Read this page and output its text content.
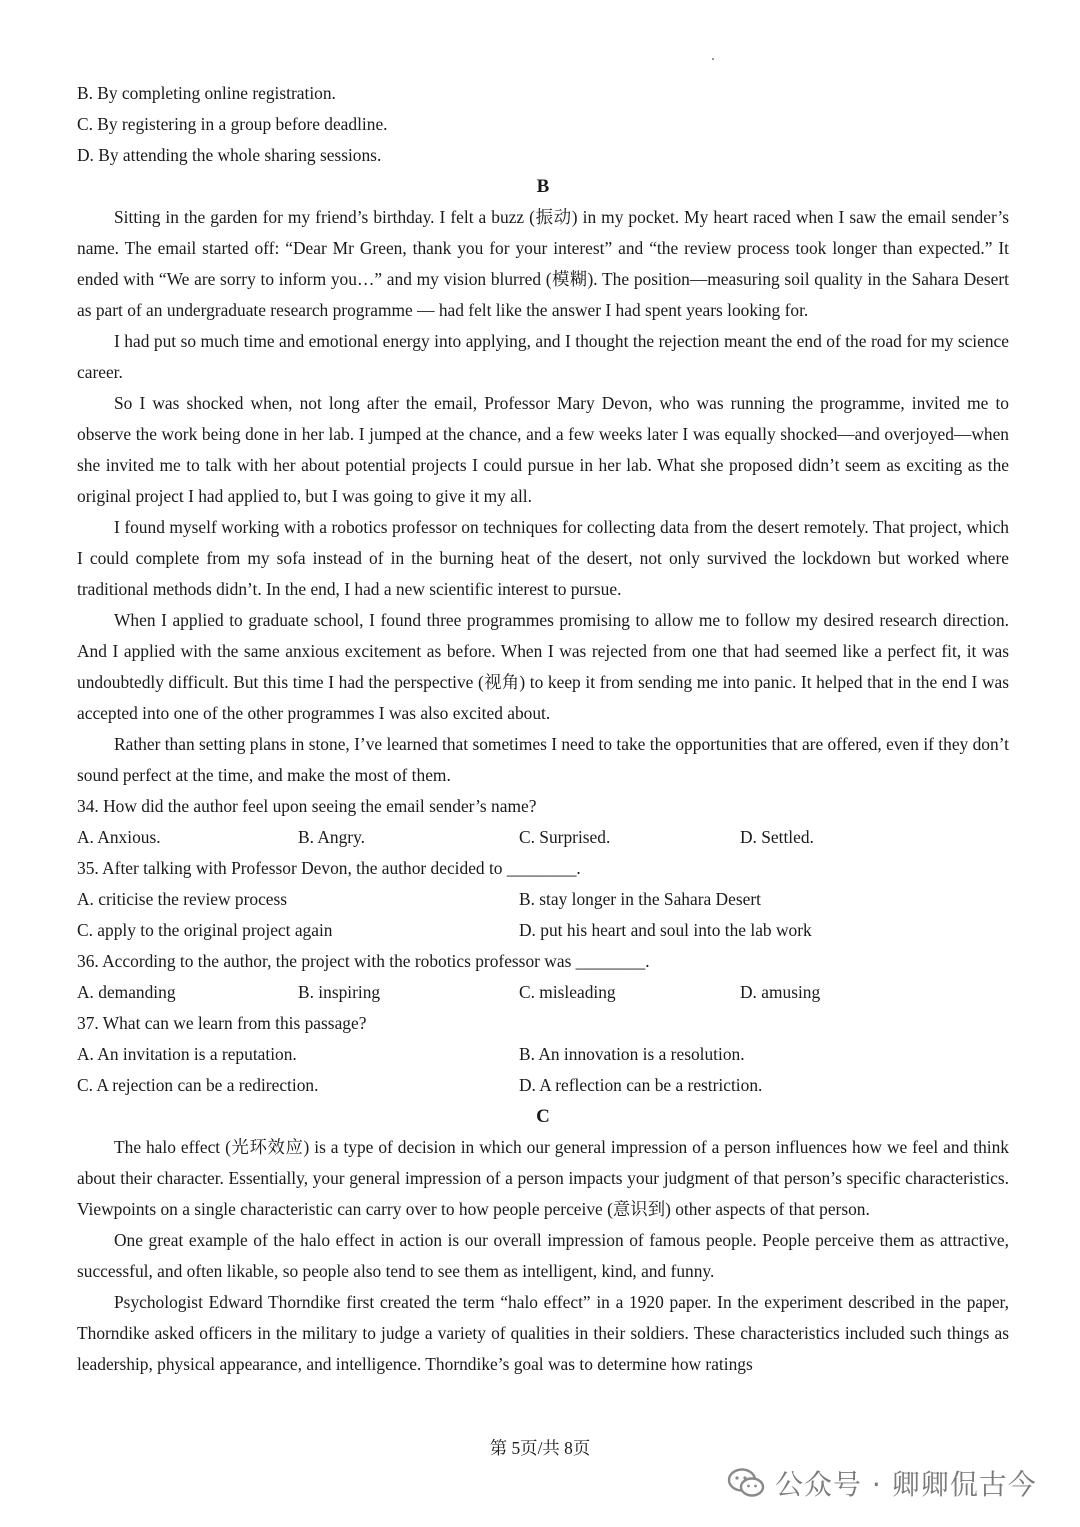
B. By completing online registration.
C. By registering in a group before deadline.
D. By attending the whole sharing sessions.
B

Sitting in the garden for my friend’s birthday. I felt a buzz (振动) in my pocket. My heart raced when I saw the email sender’s name. The email started off: “Dear Mr Green, thank you for your interest” and “the review process took longer than expected.” It ended with “We are sorry to inform you…” and my vision blurred (模糊). The position—measuring soil quality in the Sahara Desert as part of an undergraduate research programme — had felt like the answer I had spent years looking for.

I had put so much time and emotional energy into applying, and I thought the rejection meant the end of the road for my science career.

So I was shocked when, not long after the email, Professor Mary Devon, who was running the programme, invited me to observe the work being done in her lab. I jumped at the chance, and a few weeks later I was equally shocked—and overjoyed—when she invited me to talk with her about potential projects I could pursue in her lab. What she proposed didn’t seem as exciting as the original project I had applied to, but I was going to give it my all.

I found myself working with a robotics professor on techniques for collecting data from the desert remotely. That project, which I could complete from my sofa instead of in the burning heat of the desert, not only survived the lockdown but worked where traditional methods didn’t. In the end, I had a new scientific interest to pursue.

When I applied to graduate school, I found three programmes promising to allow me to follow my desired research direction. And I applied with the same anxious excitement as before. When I was rejected from one that had seemed like a perfect fit, it was undoubtedly difficult. But this time I had the perspective (视角) to keep it from sending me into panic. It helped that in the end I was accepted into one of the other programmes I was also excited about.

Rather than setting plans in stone, I’ve learned that sometimes I need to take the opportunities that are offered, even if they don’t sound perfect at the time, and make the most of them.

34. How did the author feel upon seeing the email sender’s name?
A. Anxious.	B. Angry.	C. Surprised.	D. Settled.
35. After talking with Professor Devon, the author decided to ________.
A. criticise the review process	B. stay longer in the Sahara Desert
C. apply to the original project again	D. put his heart and soul into the lab work
36. According to the author, the project with the robotics professor was ________.
A. demanding	B. inspiring	C. misleading	D. amusing
37. What can we learn from this passage?
A. An invitation is a reputation.	B. An innovation is a resolution.
C. A rejection can be a redirection.	D. A reflection can be a restriction.
C

The halo effect (光环效应) is a type of decision in which our general impression of a person influences how we feel and think about their character. Essentially, your general impression of a person impacts your judgment of that person’s specific characteristics. Viewpoints on a single characteristic can carry over to how people perceive (意识到) other aspects of that person.

One great example of the halo effect in action is our overall impression of famous people. People perceive them as attractive, successful, and often likable, so people also tend to see them as intelligent, kind, and funny.

Psychologist Edward Thorndike first created the term “halo effect” in a 1920 paper. In the experiment described in the paper, Thorndike asked officers in the military to judge a variety of qualities in their soldiers. These characteristics included such things as leadership, physical appearance, and intelligence. Thorndike’s goal was to determine how ratings

第 5页/共 8页
公众号 · 卿卿侃古今
